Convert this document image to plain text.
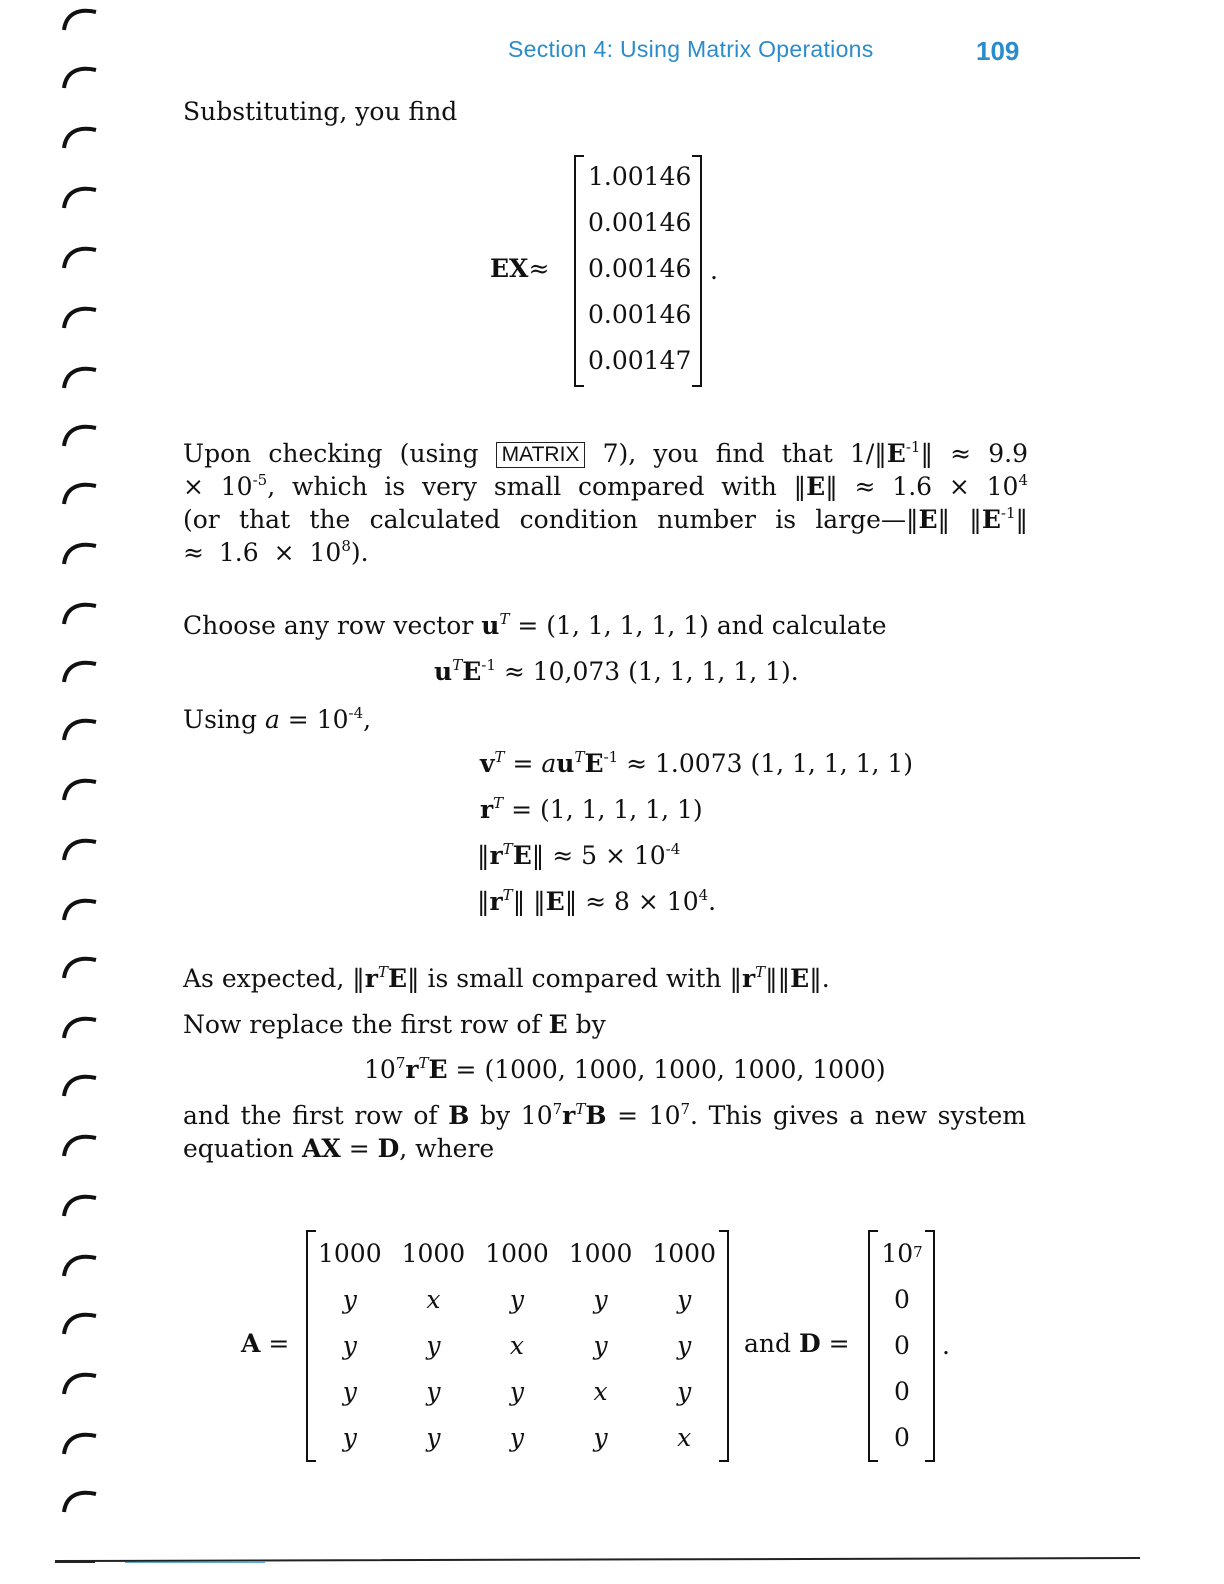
Section 4: Using Matrix Operations	109
Substituting, you find
EX≈
1.00146
0.00146
0.00146
0.00146
0.00147
.
Upon checking (using MATRIX 7), you find that $1/‖E^{-1}‖ \approx 9.9 \times 10^{-5}$, which is very small compared with ‖E‖ ≈ $1.6 \times 10^4$ (or that the calculated condition number is large—‖E‖ $‖E^{-1}‖ \approx 1.6 \times 10^8$).
Choose any row vector $u^T = (1$, 1, 1, 1, 1) and calculate
$u^TE^{-1} \approx 10,073$ (1, 1, 1, 1, 1).
Using $a = 10^{-4}$,
$v^T = au^TE^{-1} \approx 1.0073$ (1, 1, 1, 1, 1)
$r^T = (1$, 1, 1, 1, 1)
$‖r^TE‖ \approx 5 \times 10^{-4}$
$‖r^T‖$ ‖E‖ ≈ $8 \times 10^4$.
As expected, $‖r^TE‖$ is small compared with $‖r^T‖‖E‖$.
Now replace the first row of E by
$10^7r^TE = (1000$, 1000, 1000, 1000, 1000)
and the first row of B by $10^7r^TB = 10^7$. This gives a new system equation AX = D, where
A =
1000 1000 1000 1000 1000
y	x	y	y	y
y	y	x	y	y
y	y	y	x	y
y	y	y	y	x
and D =
$10^7$
0
0
0
0
.
